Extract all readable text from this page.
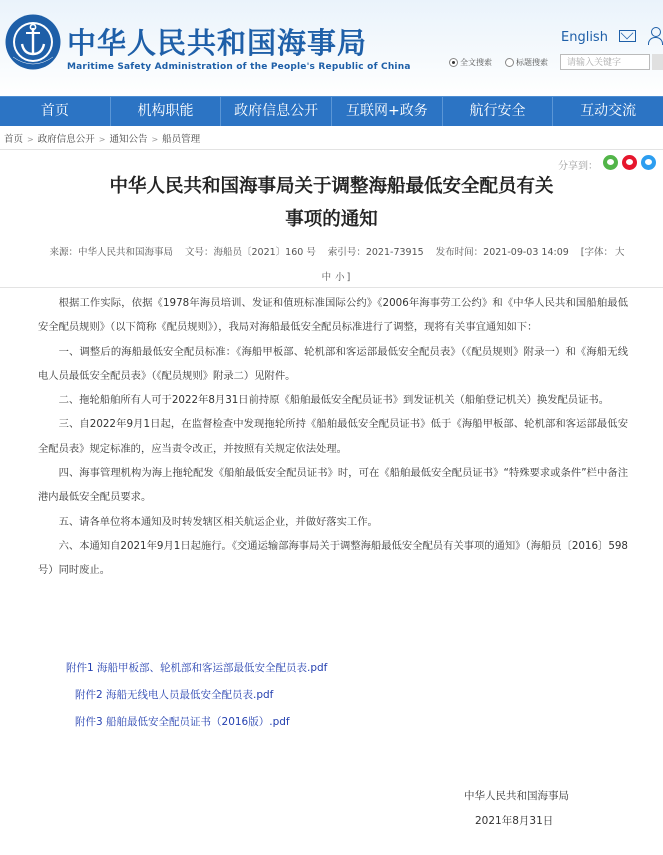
中华人民共和国海事局
Maritime Safety Administration of the People's Republic of China
English
全文搜索	标题搜索
请输入关键字
首页	机构职能	政府信息公开	互联网+政务	航行安全	互动交流
首页 > 政府信息公开 > 通知公告 > 船员管理
分享到：
中华人民共和国海事局关于调整海船最低安全配员有关
事项的通知
来源：中华人民共和国海事局 文号：海船员〔2021〕160 号 索引号：2021-73915 发布时间：2021-09-03 14:09 [字体： 大中 小 ]

根据工作实际，依据《1978年海员培训、发证和值班标准国际公约》《2006年海事劳工公约》和《中华人民共和国船舶最低安全配员规则》（以下简称《配员规则》），我局对海船最低安全配员标准进行了调整，现将有关事宜通知如下：

一、调整后的海船最低安全配员标准：《海船甲板部、轮机部和客运部最低安全配员表》（《配员规则》附录一）和《海船无线电人员最低安全配员表》（《配员规则》附录二）见附件。

二、拖轮船舶所有人可于2022年8月31日前持原《船舶最低安全配员证书》到发证机关（船舶登记机关）换发配员证书。

三、自2022年9月1日起，在监督检查中发现拖轮所持《船舶最低安全配员证书》低于《海船甲板部、轮机部和客运部最低安全配员表》规定标准的，应当责令改正，并按照有关规定依法处理。

四、海事管理机构为海上拖轮配发《船舶最低安全配员证书》时，可在《船舶最低安全配员证书》“特殊要求或条件”栏中备注港内最低安全配员要求。

五、请各单位将本通知及时转发辖区相关航运企业，并做好落实工作。

六、本通知自2021年9月1日起施行。《交通运输部海事局关于调整海船最低安全配员有关事项的通知》（海船员〔2016〕598号）同时废止。

附件1 海船甲板部、轮机部和客运部最低安全配员表.pdf
附件2 海船无线电人员最低安全配员表.pdf
附件3 船舶最低安全配员证书（2016版）.pdf
中华人民共和国海事局
2021年8月31日
